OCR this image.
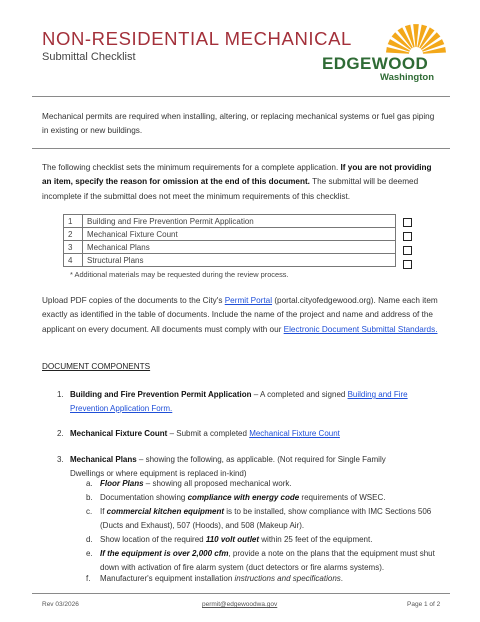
NON-RESIDENTIAL MECHANICAL
Submittal Checklist	EDGEWOOD
Washington
Mechanical permits are required when installing, altering, or replacing mechanical systems or fuel gas piping in existing or new buildings.
The following checklist sets the minimum requirements for a complete application. If you are not providing an item, specify the reason for omission at the end of this document. The submittal will be deemed incomplete if the submittal does not meet the minimum requirements of this checklist.
1	Building and Fire Prevention Permit Application
2	Mechanical Fixture Count
3	Mechanical Plans
4	Structural Plans
* Additional materials may be requested during the review process.
Upload PDF copies of the documents to the City's Permit Portal (portal.cityofedgewood.org). Name each item exactly as identified in the table of documents. Include the name of the project and name and address of the applicant on every document. All documents must comply with our Electronic Document Submittal Standards.
DOCUMENT COMPONENTS
1. Building and Fire Prevention Permit Application – A completed and signed Building and Fire Prevention Application Form.
2. Mechanical Fixture Count – Submit a completed Mechanical Fixture Count
3. Mechanical Plans – showing the following, as applicable. (Not required for Single Family Dwellings or where equipment is replaced in-kind)
a. Floor Plans – showing all proposed mechanical work.
b. Documentation showing compliance with energy code requirements of WSEC.
c. If commercial kitchen equipment is to be installed, show compliance with IMC Sections 506 (Ducts and Exhaust), 507 (Hoods), and 508 (Makeup Air).
d. Show location of the required 110 volt outlet within 25 feet of the equipment.
e. If the equipment is over 2,000 cfm, provide a note on the plans that the equipment must shut down with activation of fire alarm system (duct detectors or fire alarms systems).
f. Manufacturer's equipment installation instructions and specifications.
Rev 03/2026	permit@edgewoodwa.gov	Page 1 of 2
